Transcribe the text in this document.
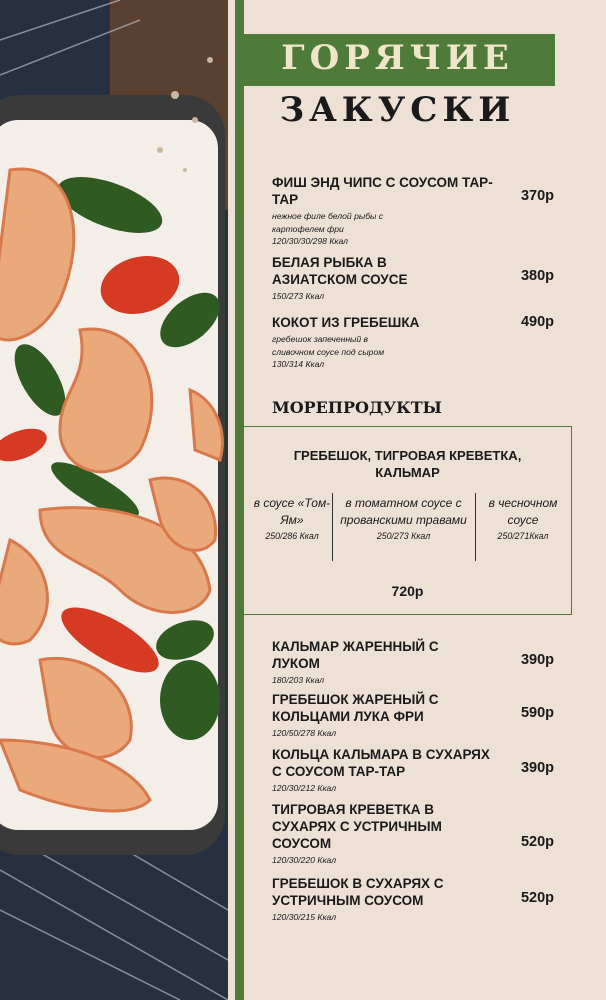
ГОРЯЧИЕ
ЗАКУСКИ
ФИШ ЭНД ЧИПС С СОУСОМ ТАР-ТАР	370р
нежное филе белой рыбы с картофелем фри
120/30/30/298 Ккал
БЕЛАЯ РЫБКА В АЗИАТСКОМ СОУСЕ	380р
150/273 Ккал
КОКОТ ИЗ ГРЕБЕШКА	490р
гребешок запеченный в сливочном соусе под сыром
130/314 Ккал
МОРЕПРОДУКТЫ
ГРЕБЕШОК, ТИГРОВАЯ КРЕВЕТКА, КАЛЬМАР
в соусе «Том-Ям»
250/286 Ккал
в томатном соусе с прованскими травами
250/273 Ккал
в чесночном соусе
250/271Ккал
720р
КАЛЬМАР ЖАРЕННЫЙ С ЛУКОМ	390р
180/203 Ккал
ГРЕБЕШОК ЖАРЕНЫЙ С КОЛЬЦАМИ ЛУКА ФРИ	590р
120/50/278 Ккал
КОЛЬЦА КАЛЬМАРА В СУХАРЯХ С СОУСОМ ТАР-ТАР	390р
120/30/212 Ккал
ТИГРОВАЯ КРЕВЕТКА В СУХАРЯХ С УСТРИЧНЫМ СОУСОМ	520р
120/30/220 Ккал
ГРЕБЕШОК В СУХАРЯХ С УСТРИЧНЫМ СОУСОМ	520р
120/30/215 Ккал
